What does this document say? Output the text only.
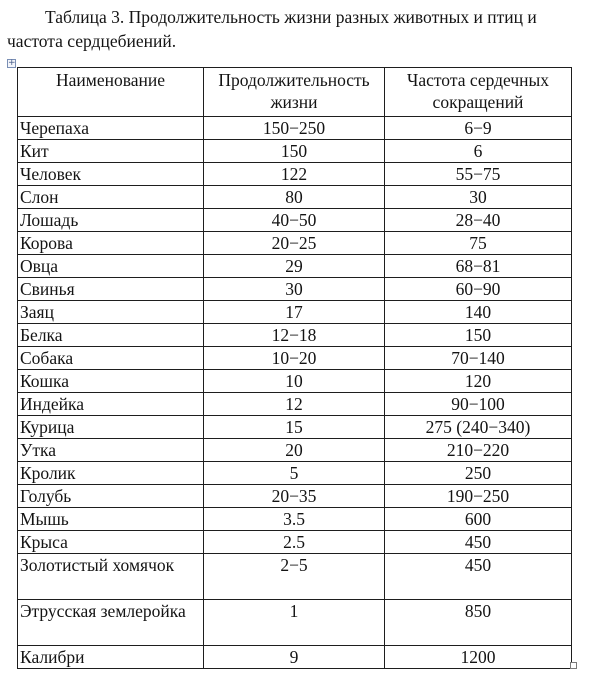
Таблица 3. Продолжительность жизни разных животных и птиц и
частота сердцебиений.

+
Наименование	Продолжительность жизни	Частота сердечных сокращений
Черепаха	150−250	6−9
Кит	150	6
Человек	122	55−75
Слон	80	30
Лошадь	40−50	28−40
Корова	20−25	75
Овца	29	68−81
Свинья	30	60−90
Заяц	17	140
Белка	12−18	150
Собака	10−20	70−140
Кошка	10	120
Индейка	12	90−100
Курица	15	275 (240−340)
Утка	20	210−220
Кролик	5	250
Голубь	20−35	190−250
Мышь	3.5	600
Крыса	2.5	450
Золотистый хомячок	2−5	450
Этрусская землеройка	1	850
Калибри	9	1200
